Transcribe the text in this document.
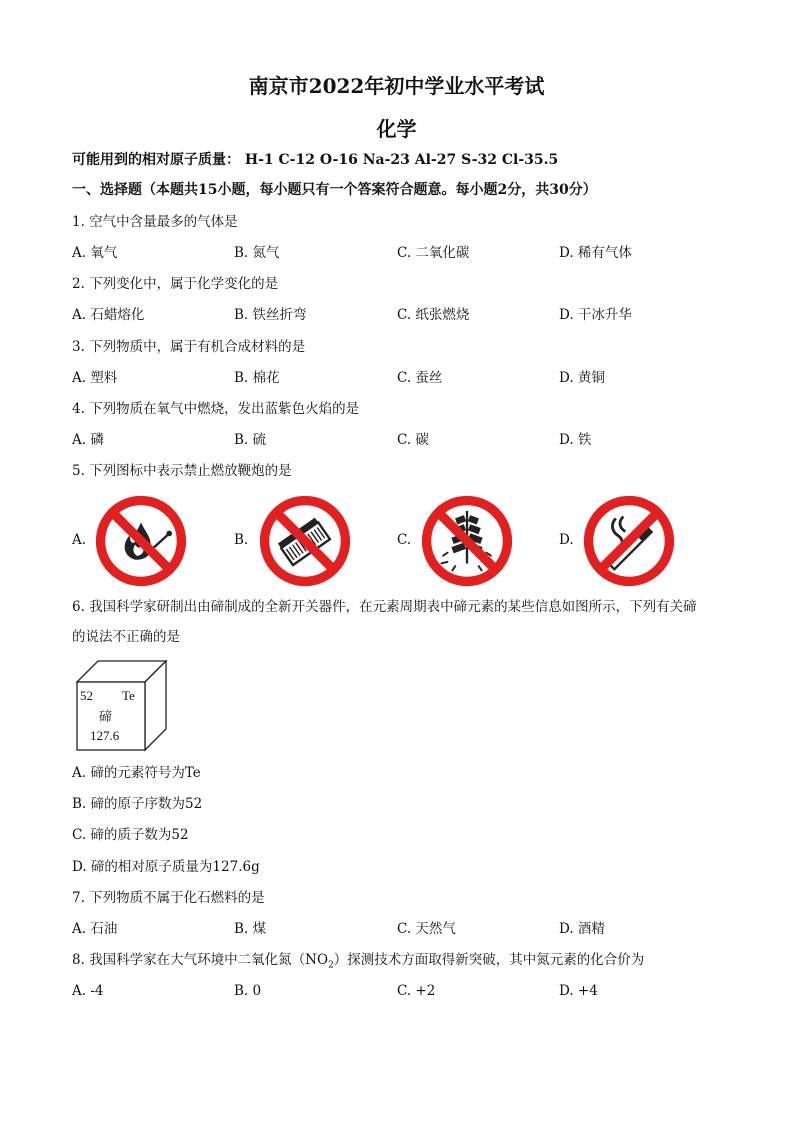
南京市2022年初中学业水平考试
化学
可能用到的相对原子质量： H-1 C-12 O-16 Na-23 Al-27 S-32 Cl-35.5
一、选择题（本题共15小题，每小题只有一个答案符合题意。每小题2分，共30分）
1. 空气中含量最多的气体是
A. 氧气	B. 氮气	C. 二氧化碳	D. 稀有气体
2. 下列变化中，属于化学变化的是
A. 石蜡熔化	B. 铁丝折弯	C. 纸张燃烧	D. 干冰升华
3. 下列物质中，属于有机合成材料的是
A. 塑料	B. 棉花	C. 蚕丝	D. 黄铜
4. 下列物质在氧气中燃烧，发出蓝紫色火焰的是
A. 磷	B. 硫	C. 碳	D. 铁
5. 下列图标中表示禁止燃放鞭炮的是
A.	B.	C.	D.
6. 我国科学家研制出由碲制成的全新开关器件，在元素周期表中碲元素的某些信息如图所示，下列有关碲
的说法不正确的是
52 Te
碲
127.6
A. 碲的元素符号为Te
B. 碲的原子序数为52
C. 碲的质子数为52
D. 碲的相对原子质量为127.6g
7. 下列物质不属于化石燃料的是
A. 石油	B. 煤	C. 天然气	D. 酒精
8. 我国科学家在大气环境中二氧化氮$(NO_2)$探测技术方面取得新突破，其中氮元素的化合价为
A. -4	B. 0	C. +2	D. +4
